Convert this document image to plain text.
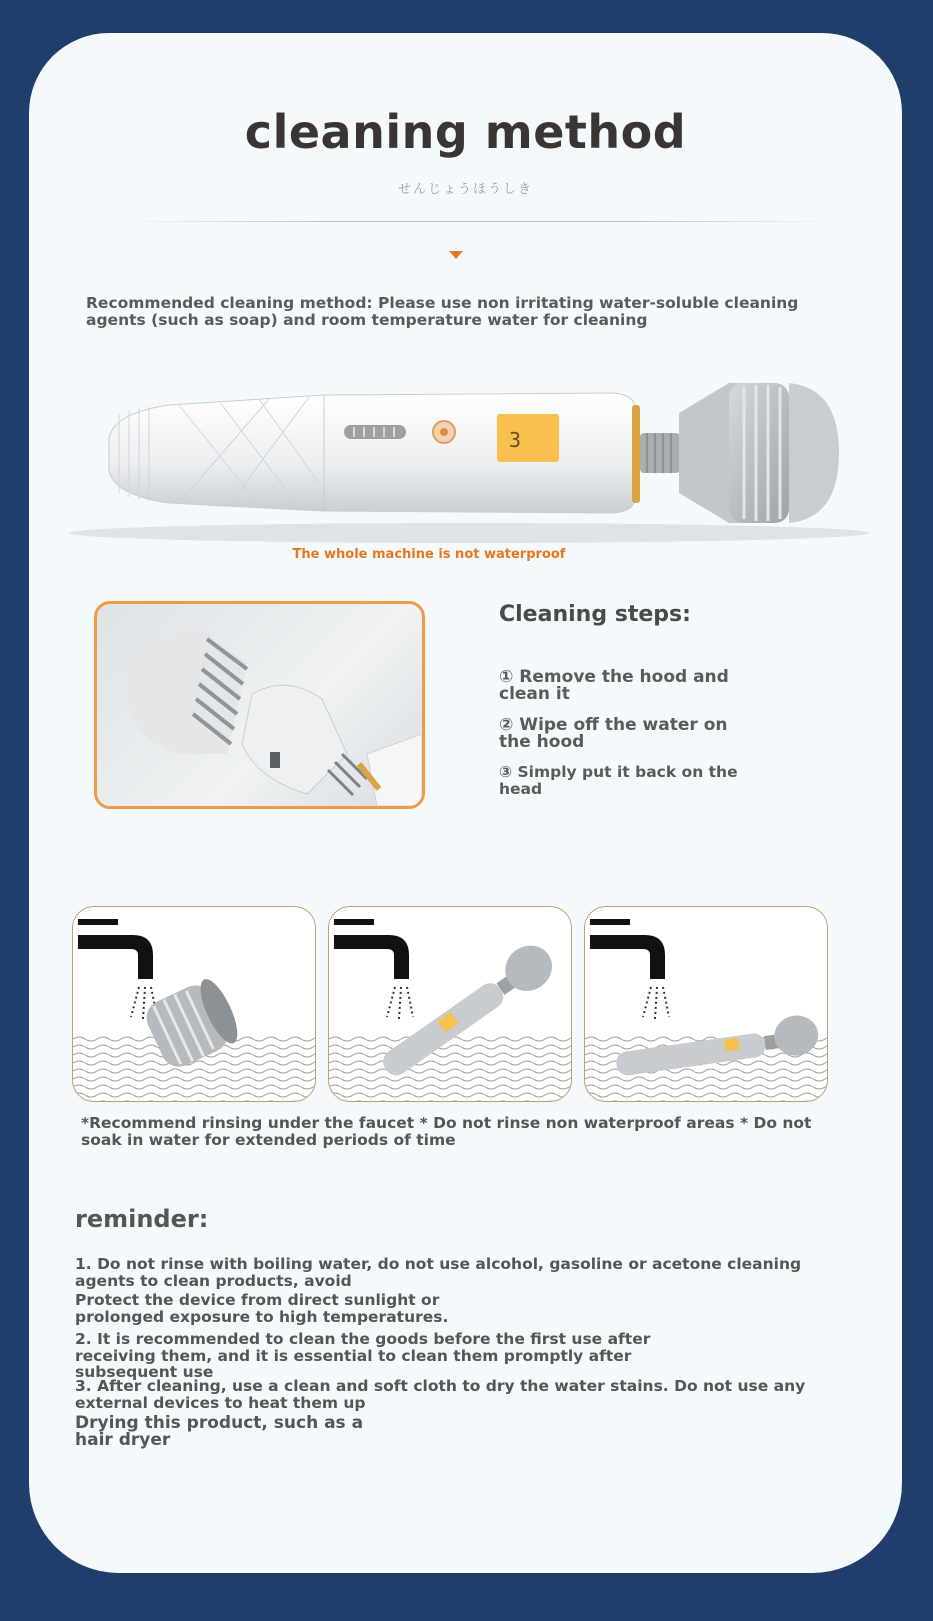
cleaning method
せんじょうほうしき
Recommended cleaning method: Please use non irritating water-soluble cleaning agents (such as soap) and room temperature water for cleaning
3
The whole machine is not waterproof
Cleaning steps:
① Remove the hood and clean it
② Wipe off the water on the hood
③ Simply put it back on the head
*Recommend rinsing under the faucet * Do not rinse non waterproof areas * Do not soak in water for extended periods of time
reminder:
1. Do not rinse with boiling water, do not use alcohol, gasoline or acetone cleaning agents to clean products, avoid
Protect the device from direct sunlight or prolonged exposure to high temperatures.
2. It is recommended to clean the goods before the first use after receiving them, and it is essential to clean them promptly after subsequent use
3. After cleaning, use a clean and soft cloth to dry the water stains. Do not use any external devices to heat them up
Drying this product, such as a hair dryer
